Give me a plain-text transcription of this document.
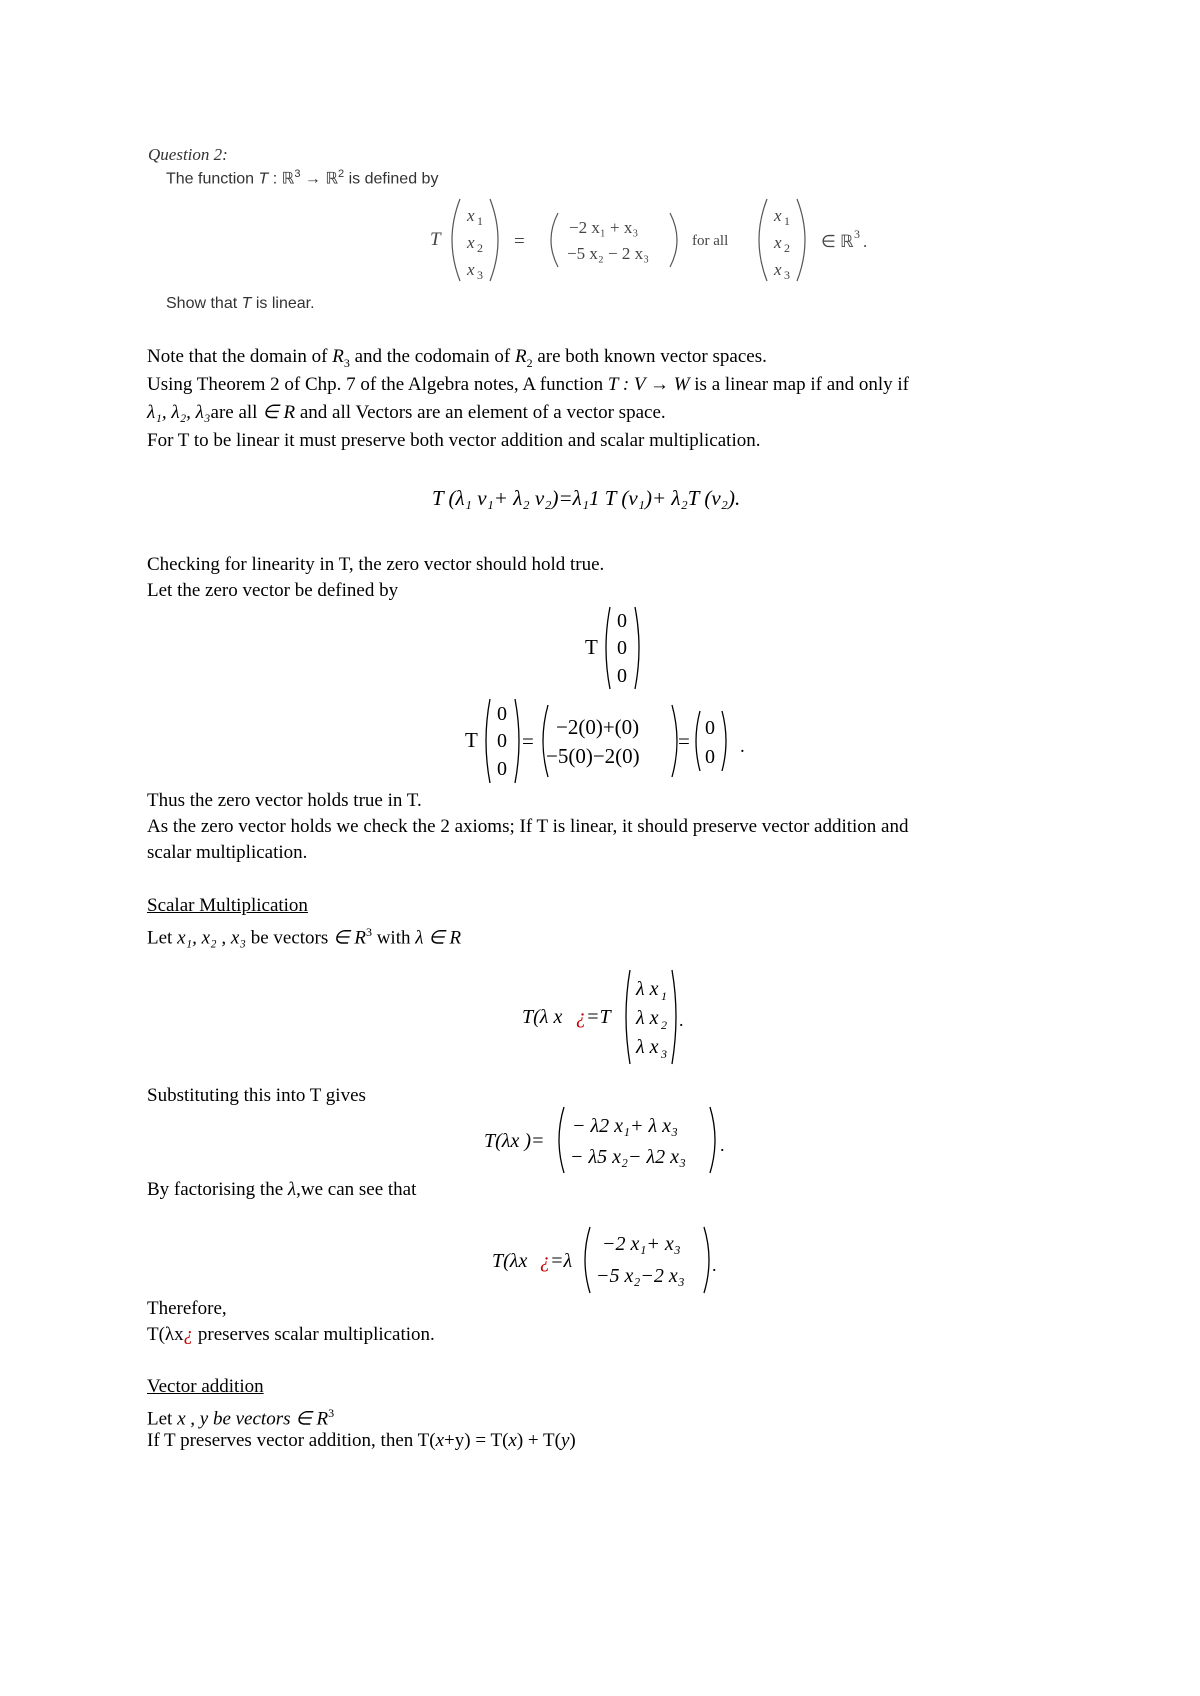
Question 2:
The function T : ℝ$^3$ → ℝ$^2$ is defined by
T
x 1
x 2
x 3
=
−2 x₁ + x₃
−5 x₂ − 2 x₃
for all
x 1
x 2
x 3
∈ ℝ 3 .
Show that T is linear.
Note that the domain of $R_3$ and the codomain of $R_2$ are both known vector spaces.
Using Theorem 2 of Chp. 7 of the Algebra notes, A function T : V → W is a linear map if and only if
λ₁, λ₂, λ₃are all ∈ R and all Vectors are an element of a vector space.
For T to be linear it must preserve both vector addition and scalar multiplication.
T (λ₁ v₁+ λ₂ v₂)=λ₁1 T (v₁)+ λ₂T (v₂).
Checking for linearity in T, the zero vector should hold true.
Let the zero vector be defined by
T
0
0
0
T
0
0
0
=
−2(0)+(0)
−5(0)−2(0)
=
0
0 .
Thus the zero vector holds true in T.
As the zero vector holds we check the 2 axioms; If T is linear, it should preserve vector addition and
scalar multiplication.
Scalar Multiplication
Let x₁, x₂ , x₃ be vectors ∈ $R^3$ with λ ∈ R
T(λ x ¿ =T
λ x 1
λ x 2
λ x 3
.
Substituting this into T gives
T(λx )=
− λ2 x₁+ λ x₃
− λ5 x₂− λ2 x₃
.
By factorising the λ,we can see that
T(λx ¿ =λ
−2 x₁+ x₃
−5 x₂−2 x₃ .
Therefore,
T(λx¿ preserves scalar multiplication.
Vector addition
Let x , y be vectors ∈ $R^3$
If T preserves vector addition, then T(x+y) = T(x) + T(y)
